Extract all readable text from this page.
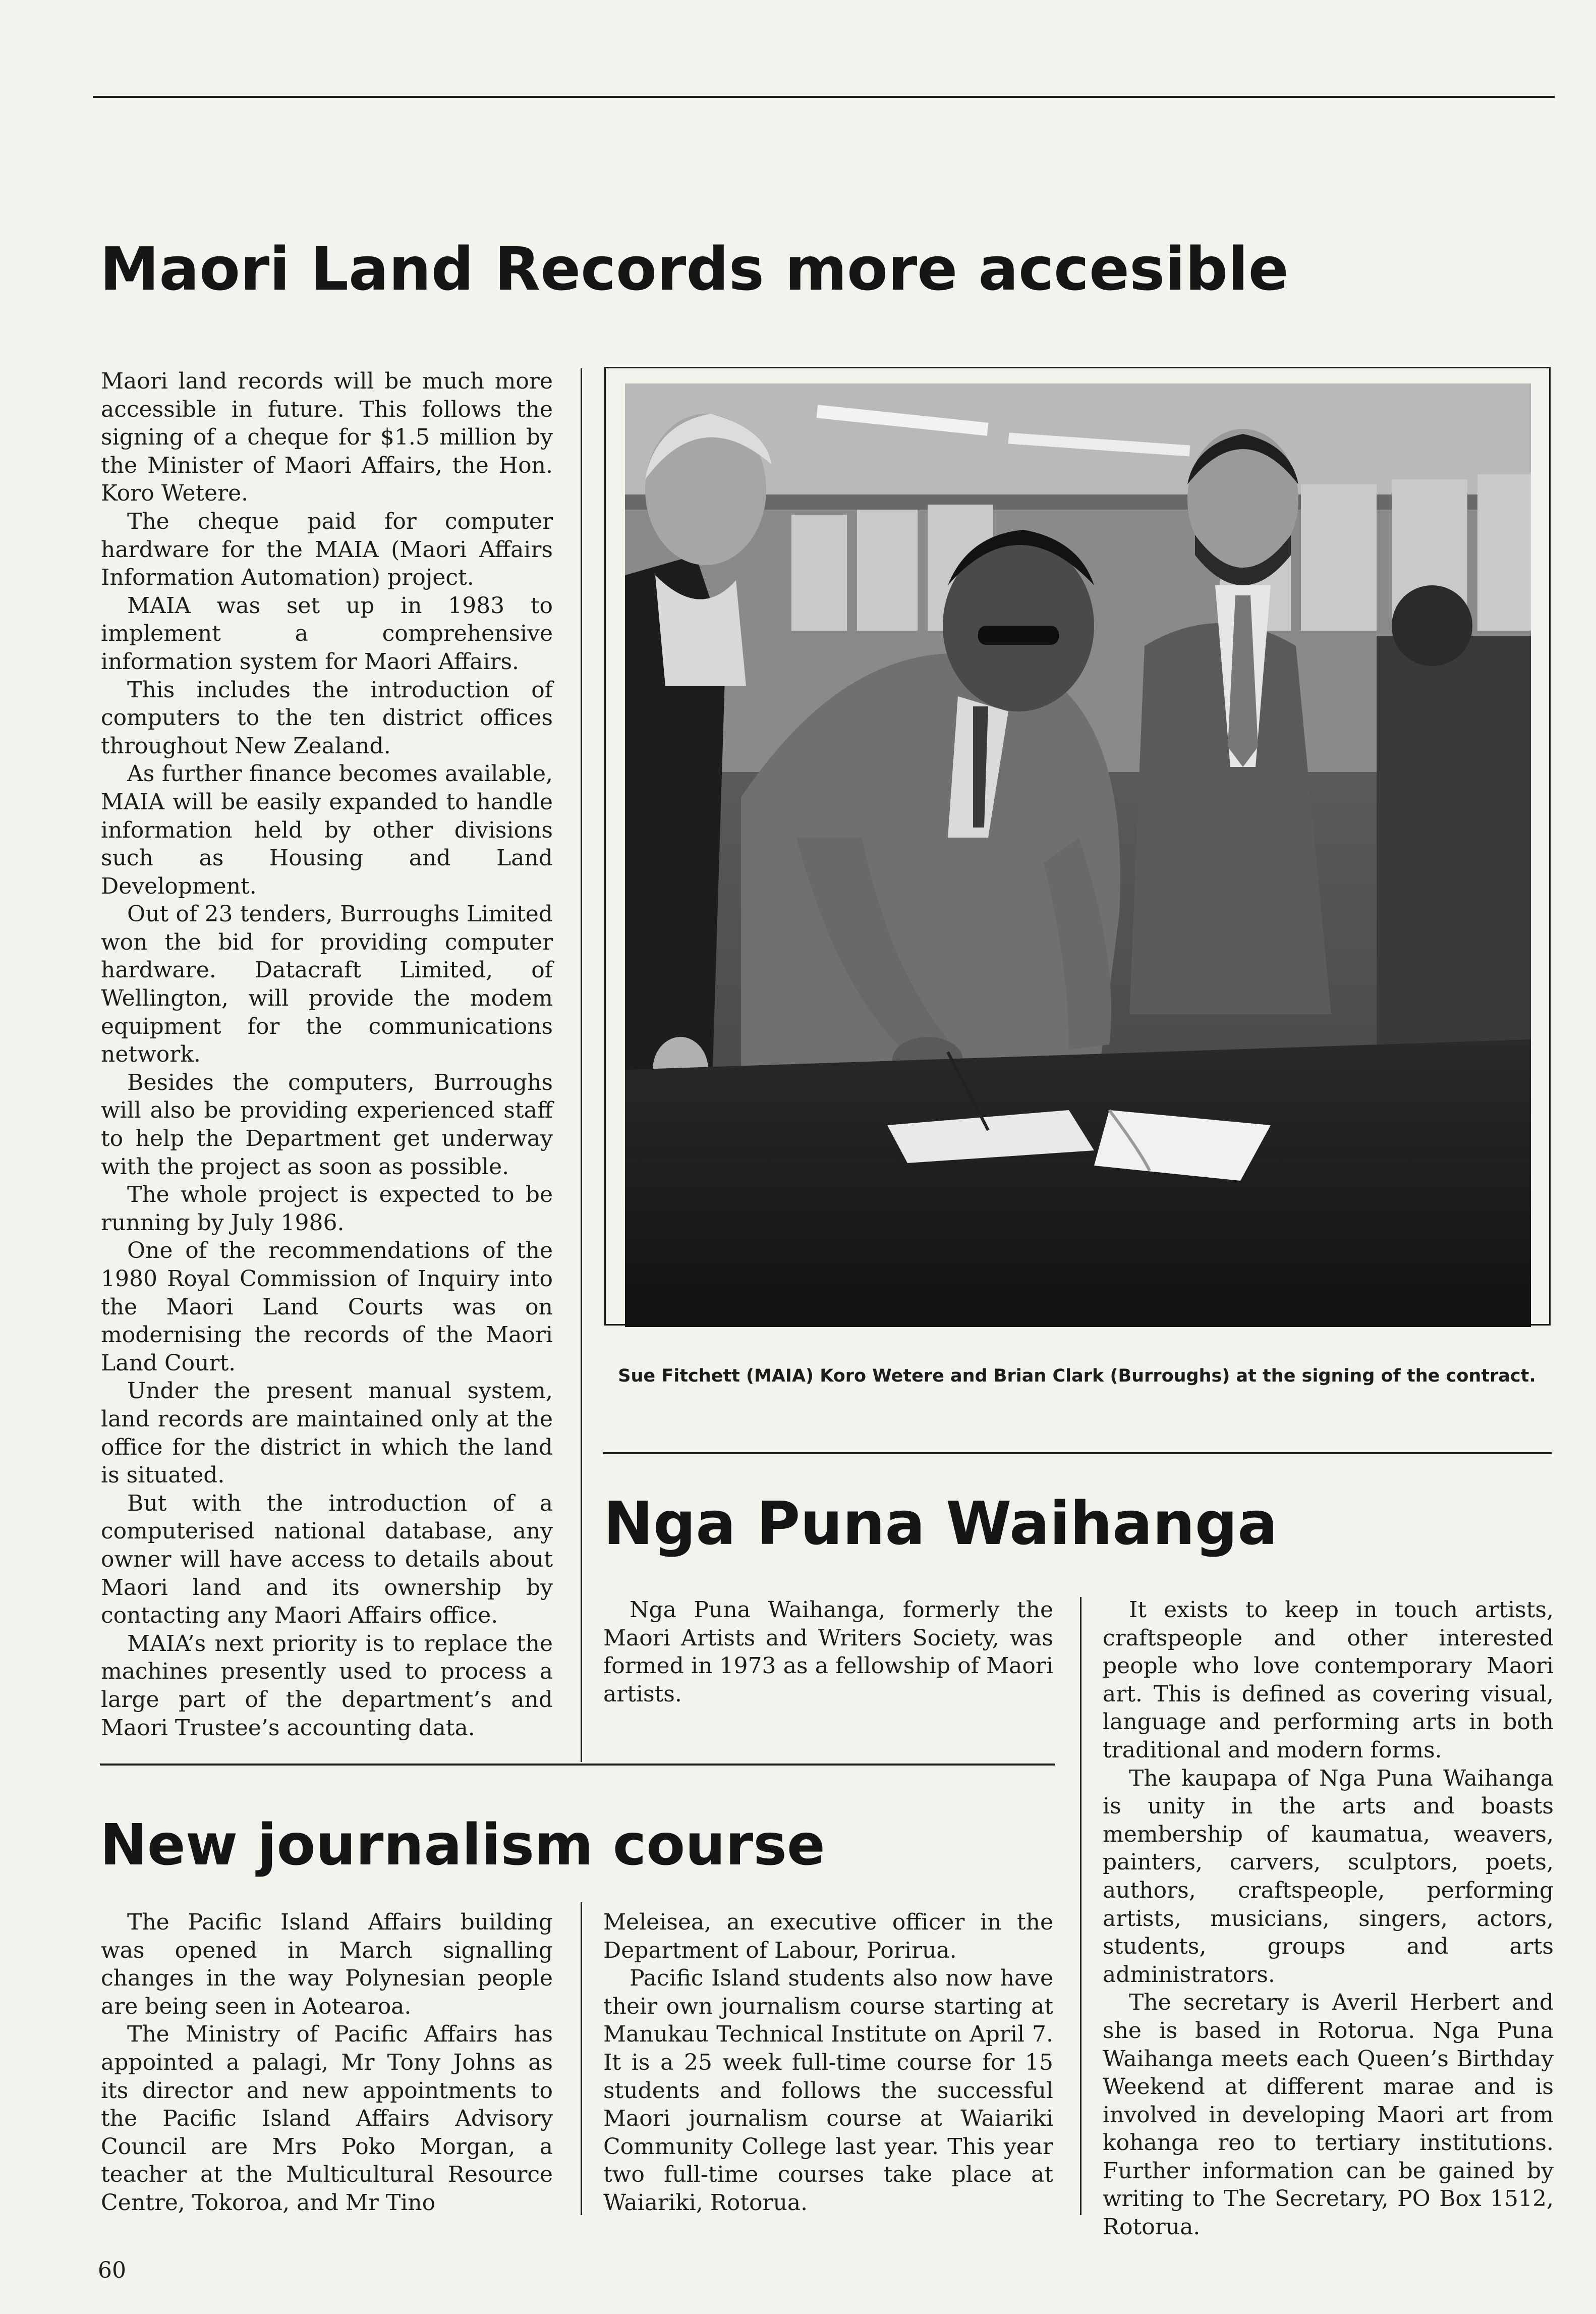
Maori Land Records more accesible

Maori land records will be much more accessible in future. This follows the signing of a cheque for $1.5 million by the Minister of Maori Affairs, the Hon. Koro Wetere.

The cheque paid for computer hardware for the MAIA (Maori Affairs Information Automation) project.

MAIA was set up in 1983 to implement a comprehensive information system for Maori Affairs.

This includes the introduction of computers to the ten district offices throughout New Zealand.

As further finance becomes available, MAIA will be easily expanded to handle information held by other divisions such as Housing and Land Development.

Out of 23 tenders, Burroughs Limited won the bid for providing computer hardware. Datacraft Limited, of Wellington, will provide the modem equipment for the communications network.

Besides the computers, Burroughs will also be providing experienced staff to help the Department get underway with the project as soon as possible.

The whole project is expected to be running by July 1986.

One of the recommendations of the 1980 Royal Commission of Inquiry into the Maori Land Courts was on modernising the records of the Maori Land Court.

Under the present manual system, land records are maintained only at the office for the district in which the land is situated.

But with the introduction of a computerised national database, any owner will have access to details about Maori land and its ownership by contacting any Maori Affairs office.

MAIA’s next priority is to replace the machines presently used to process a large part of the department’s and Maori Trustee’s accounting data.

Sue Fitchett (MAIA) Koro Wetere and Brian Clark (Burroughs) at the signing of the contract.
Nga Puna Waihanga

Nga Puna Waihanga, formerly the Maori Artists and Writers Society, was formed in 1973 as a fellowship of Maori artists.

It exists to keep in touch artists, craftspeople and other interested people who love contemporary Maori art. This is defined as covering visual, language and performing arts in both traditional and modern forms.

The kaupapa of Nga Puna Waihanga is unity in the arts and boasts membership of kaumatua, weavers, painters, carvers, sculptors, poets, authors, craftspeople, performing artists, musicians, singers, actors, students, groups and arts administrators.

The secretary is Averil Herbert and she is based in Rotorua. Nga Puna Waihanga meets each Queen’s Birthday Weekend at different marae and is involved in developing Maori art from kohanga reo to tertiary institutions. Further information can be gained by writing to The Secretary, PO Box 1512, Rotorua.

New journalism course

The Pacific Island Affairs building was opened in March signalling changes in the way Polynesian people are being seen in Aotearoa.

The Ministry of Pacific Affairs has appointed a palagi, Mr Tony Johns as its director and new appointments to the Pacific Island Affairs Advisory Council are Mrs Poko Morgan, a teacher at the Multicultural Resource Centre, Tokoroa, and Mr Tino

Meleisea, an executive officer in the Department of Labour, Porirua.

Pacific Island students also now have their own journalism course starting at Manukau Technical Institute on April 7. It is a 25 week full-time course for 15 students and follows the successful Maori journalism course at Waiariki Community College last year. This year two full-time courses take place at Waiariki, Rotorua.

60
